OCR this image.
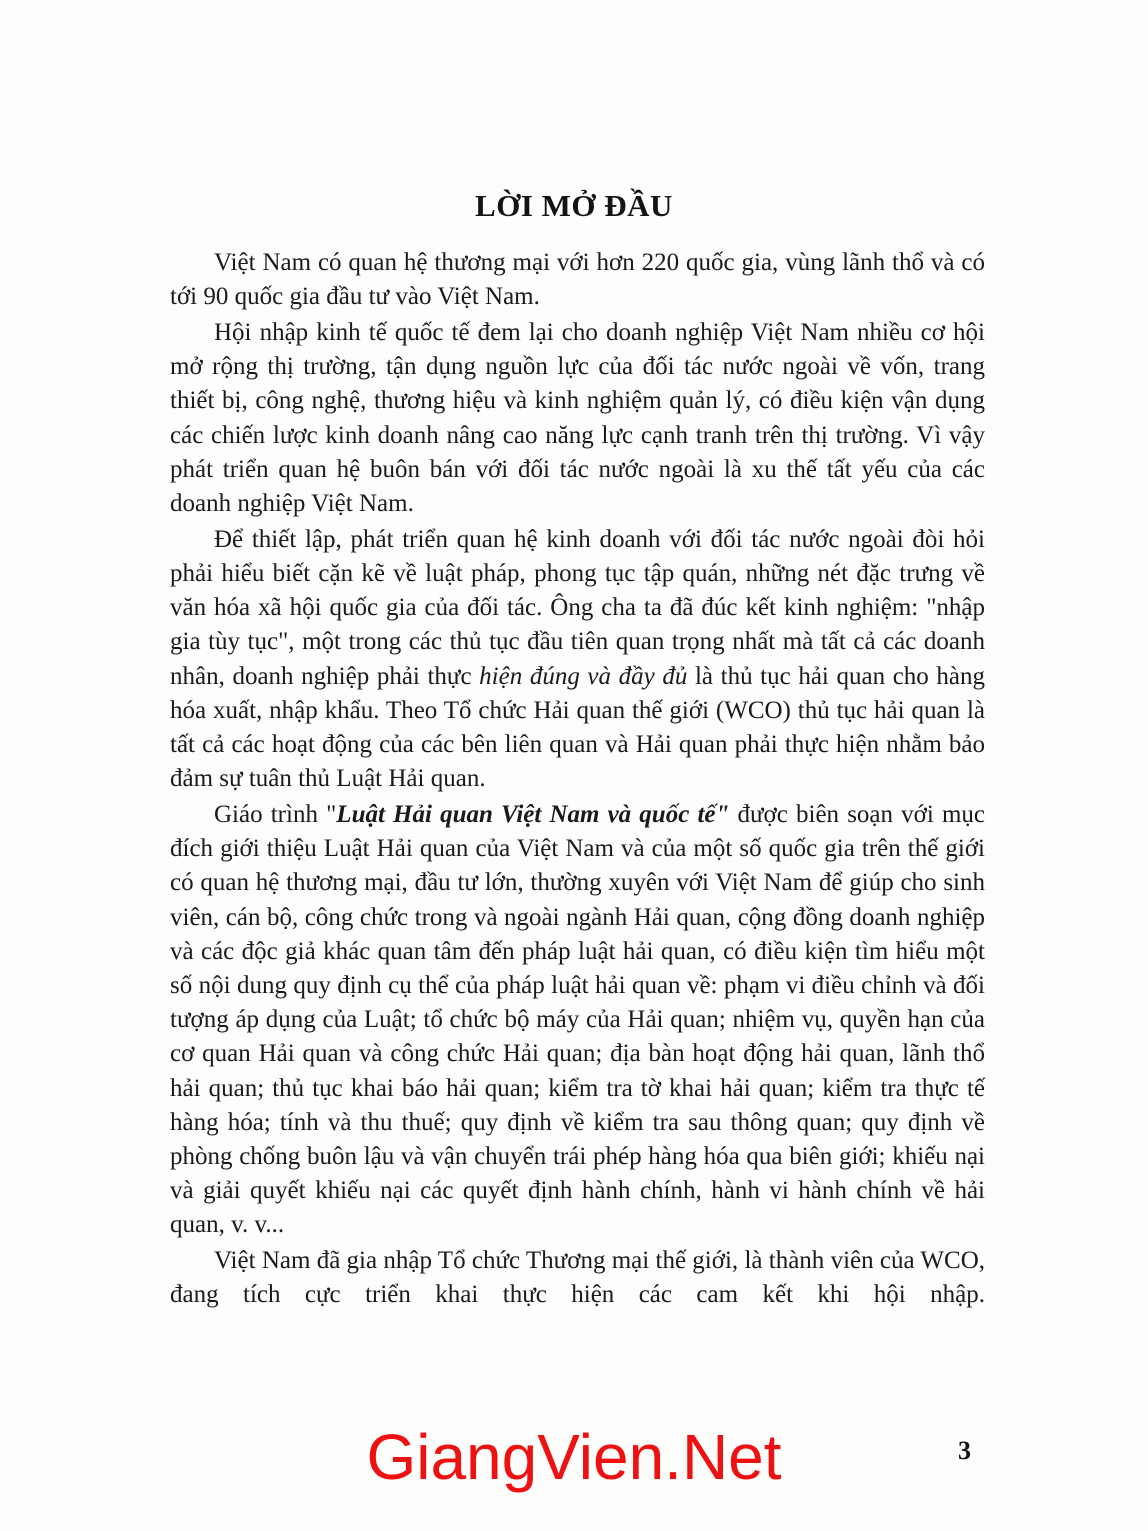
LỜI MỞ ĐẦU

Việt Nam có quan hệ thương mại với hơn 220 quốc gia, vùng lãnh thổ và có tới 90 quốc gia đầu tư vào Việt Nam.

Hội nhập kinh tế quốc tế đem lại cho doanh nghiệp Việt Nam nhiều cơ hội mở rộng thị trường, tận dụng nguồn lực của đối tác nước ngoài về vốn, trang thiết bị, công nghệ, thương hiệu và kinh nghiệm quản lý, có điều kiện vận dụng các chiến lược kinh doanh nâng cao năng lực cạnh tranh trên thị trường. Vì vậy phát triển quan hệ buôn bán với đối tác nước ngoài là xu thế tất yếu của các doanh nghiệp Việt Nam.

Để thiết lập, phát triển quan hệ kinh doanh với đối tác nước ngoài đòi hỏi phải hiểu biết cặn kẽ về luật pháp, phong tục tập quán, những nét đặc trưng về văn hóa xã hội quốc gia của đối tác. Ông cha ta đã đúc kết kinh nghiệm: "nhập gia tùy tục", một trong các thủ tục đầu tiên quan trọng nhất mà tất cả các doanh nhân, doanh nghiệp phải thực hiện đúng và đầy đủ là thủ tục hải quan cho hàng hóa xuất, nhập khẩu. Theo Tổ chức Hải quan thế giới (WCO) thủ tục hải quan là tất cả các hoạt động của các bên liên quan và Hải quan phải thực hiện nhằm bảo đảm sự tuân thủ Luật Hải quan.

Giáo trình "Luật Hải quan Việt Nam và quốc tế" được biên soạn với mục đích giới thiệu Luật Hải quan của Việt Nam và của một số quốc gia trên thế giới có quan hệ thương mại, đầu tư lớn, thường xuyên với Việt Nam để giúp cho sinh viên, cán bộ, công chức trong và ngoài ngành Hải quan, cộng đồng doanh nghiệp và các độc giả khác quan tâm đến pháp luật hải quan, có điều kiện tìm hiểu một số nội dung quy định cụ thể của pháp luật hải quan về: phạm vi điều chỉnh và đối tượng áp dụng của Luật; tổ chức bộ máy của Hải quan; nhiệm vụ, quyền hạn của cơ quan Hải quan và công chức Hải quan; địa bàn hoạt động hải quan, lãnh thổ hải quan; thủ tục khai báo hải quan; kiểm tra tờ khai hải quan; kiểm tra thực tế hàng hóa; tính và thu thuế; quy định về kiểm tra sau thông quan; quy định về phòng chống buôn lậu và vận chuyển trái phép hàng hóa qua biên giới; khiếu nại và giải quyết khiếu nại các quyết định hành chính, hành vi hành chính về hải quan, v. v...

Việt Nam đã gia nhập Tổ chức Thương mại thế giới, là thành viên của WCO, đang tích cực triển khai thực hiện các cam kết khi hội nhập.

GiangVien.Net	3
